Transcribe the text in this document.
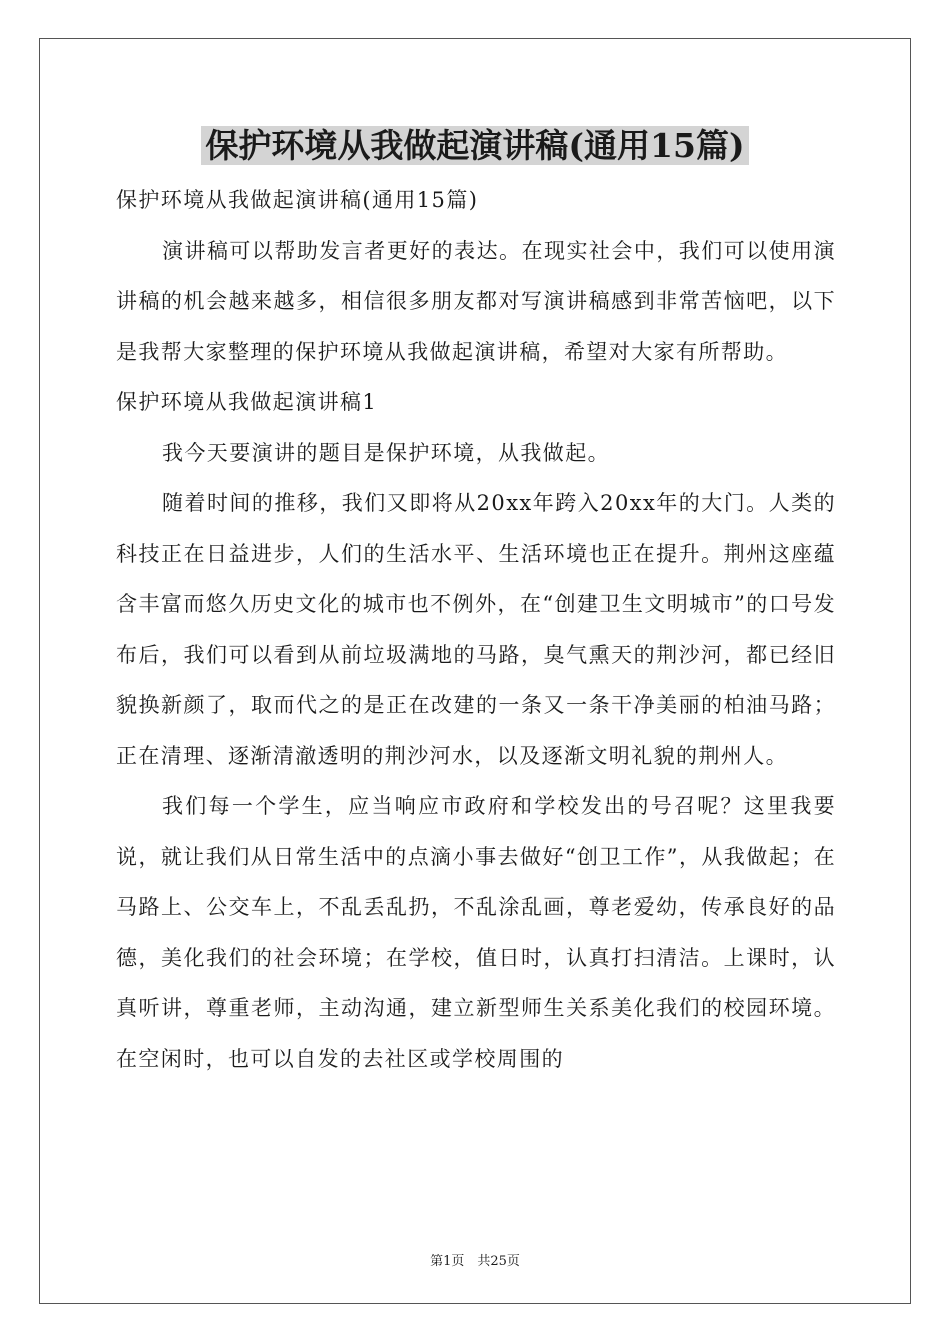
保护环境从我做起演讲稿(通用15篇)

保护环境从我做起演讲稿(通用15篇)

演讲稿可以帮助发言者更好的表达。在现实社会中，我们可以使用演讲稿的机会越来越多，相信很多朋友都对写演讲稿感到非常苦恼吧，以下是我帮大家整理的保护环境从我做起演讲稿，希望对大家有所帮助。

保护环境从我做起演讲稿1

我今天要演讲的题目是保护环境，从我做起。

随着时间的推移，我们又即将从20xx年跨入20xx年的大门。人类的科技正在日益进步，人们的生活水平、生活环境也正在提升。荆州这座蕴含丰富而悠久历史文化的城市也不例外，在“创建卫生文明城市”的口号发布后，我们可以看到从前垃圾满地的马路，臭气熏天的荆沙河，都已经旧貌换新颜了，取而代之的是正在改建的一条又一条干净美丽的柏油马路；正在清理、逐渐清澈透明的荆沙河水，以及逐渐文明礼貌的荆州人。

我们每一个学生，应当响应市政府和学校发出的号召呢？这里我要说，就让我们从日常生活中的点滴小事去做好“创卫工作”，从我做起；在马路上、公交车上，不乱丢乱扔，不乱涂乱画，尊老爱幼，传承良好的品德，美化我们的社会环境；在学校，值日时，认真打扫清洁。上课时，认真听讲，尊重老师，主动沟通，建立新型师生关系美化我们的校园环境。在空闲时，也可以自发的去社区或学校周围的

第1页　共25页
